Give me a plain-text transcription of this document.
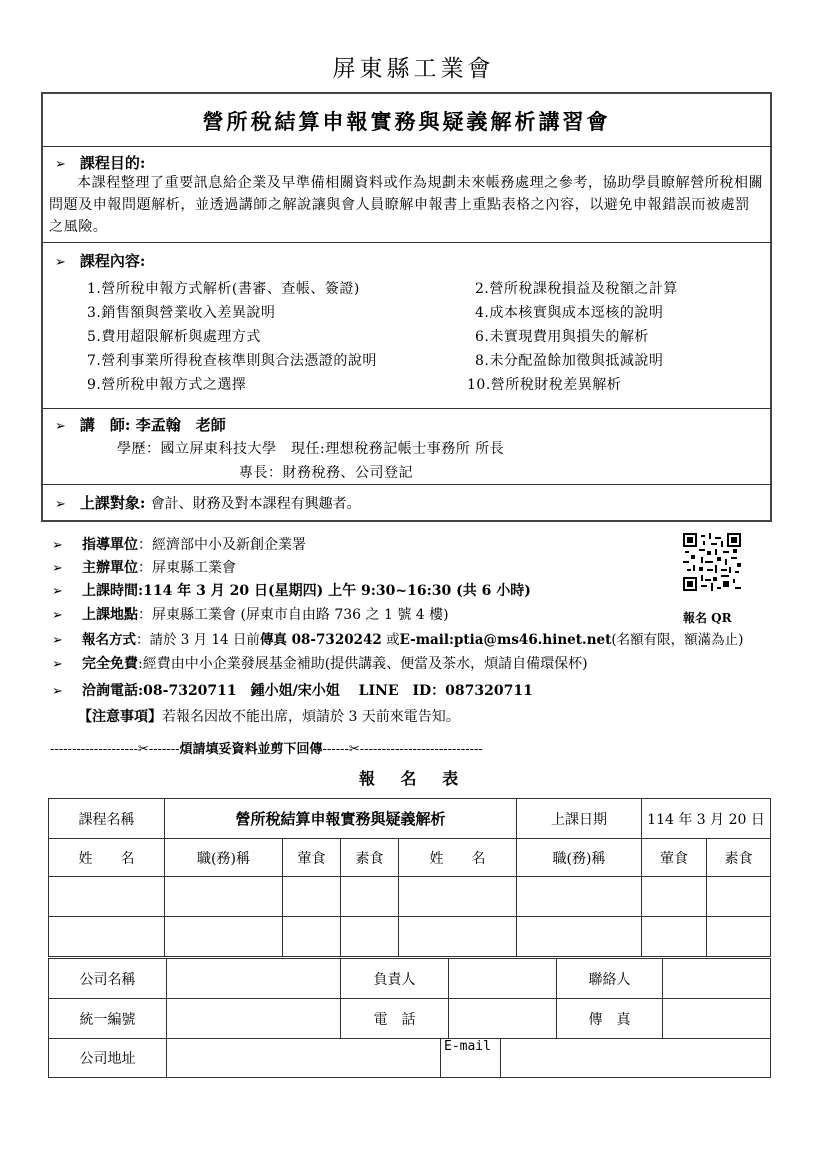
屏東縣工業會
營所稅結算申報實務與疑義解析講習會
➢ 課程目的:
本課程整理了重要訊息給企業及早準備相關資料或作為規劃未來帳務處理之參考，協助學員瞭解營所稅相關問題及申報問題解析，並透過講師之解說讓與會人員瞭解申報書上重點表格之內容，以避免申報錯誤而被處罰之風險。
➢ 課程內容:
1.營所稅申報方式解析(書審、查帳、簽證)	2.營所稅課稅損益及稅額之計算
3.銷售額與營業收入差異說明	4.成本核實與成本逕核的說明
5.費用超限解析與處理方式	6.未實現費用與損失的解析
7.營利事業所得稅查核準則與合法憑證的說明	8.未分配盈餘加徵與抵減說明
9.營所稅申報方式之選擇	10.營所稅財稅差異解析
➢ 講　師: 李孟翰　老師
學歷：國立屏東科技大學　現任:理想稅務記帳士事務所 所長
專長：財務稅務、公司登記
➢ 上課對象: 會計、財務及對本課程有興趣者。
➢ 指導單位：經濟部中小及新創企業署
➢ 主辦單位：屏東縣工業會
➢ 上課時間:114 年 3 月 20 日(星期四) 上午 9:30~16:30 (共 6 小時)
➢ 上課地點：屏東縣工業會 (屏東市自由路 736 之 1 號 4 樓)
➢ 報名方式：請於 3 月 14 日前傳真 08-7320242 或E-mail:ptia@ms46.hinet.net(名額有限，額滿為止)
➢ 完全免費:經費由中小企業發展基金補助(提供講義、便當及茶水，煩請自備環保杯)
➢ 洽詢電話:08-7320711　鍾小姐/宋小姐　 LINE　ID：087320711
報名 QR
【注意事項】若報名因故不能出席，煩請於 3 天前來電告知。
--------------------✂-------煩請填妥資料並剪下回傳------✂----------------------------
報 名 表
課程名稱	營所稅結算申報實務與疑義解析				上課日期	114 年 3 月 20 日	
姓　　名	職(務)稱	葷食	素食	姓　　名	職(務)稱	葷食	素食

公司名稱		負責人		聯絡人	
統一編號		電　話		傳　真	
公司地址		E-mail	
